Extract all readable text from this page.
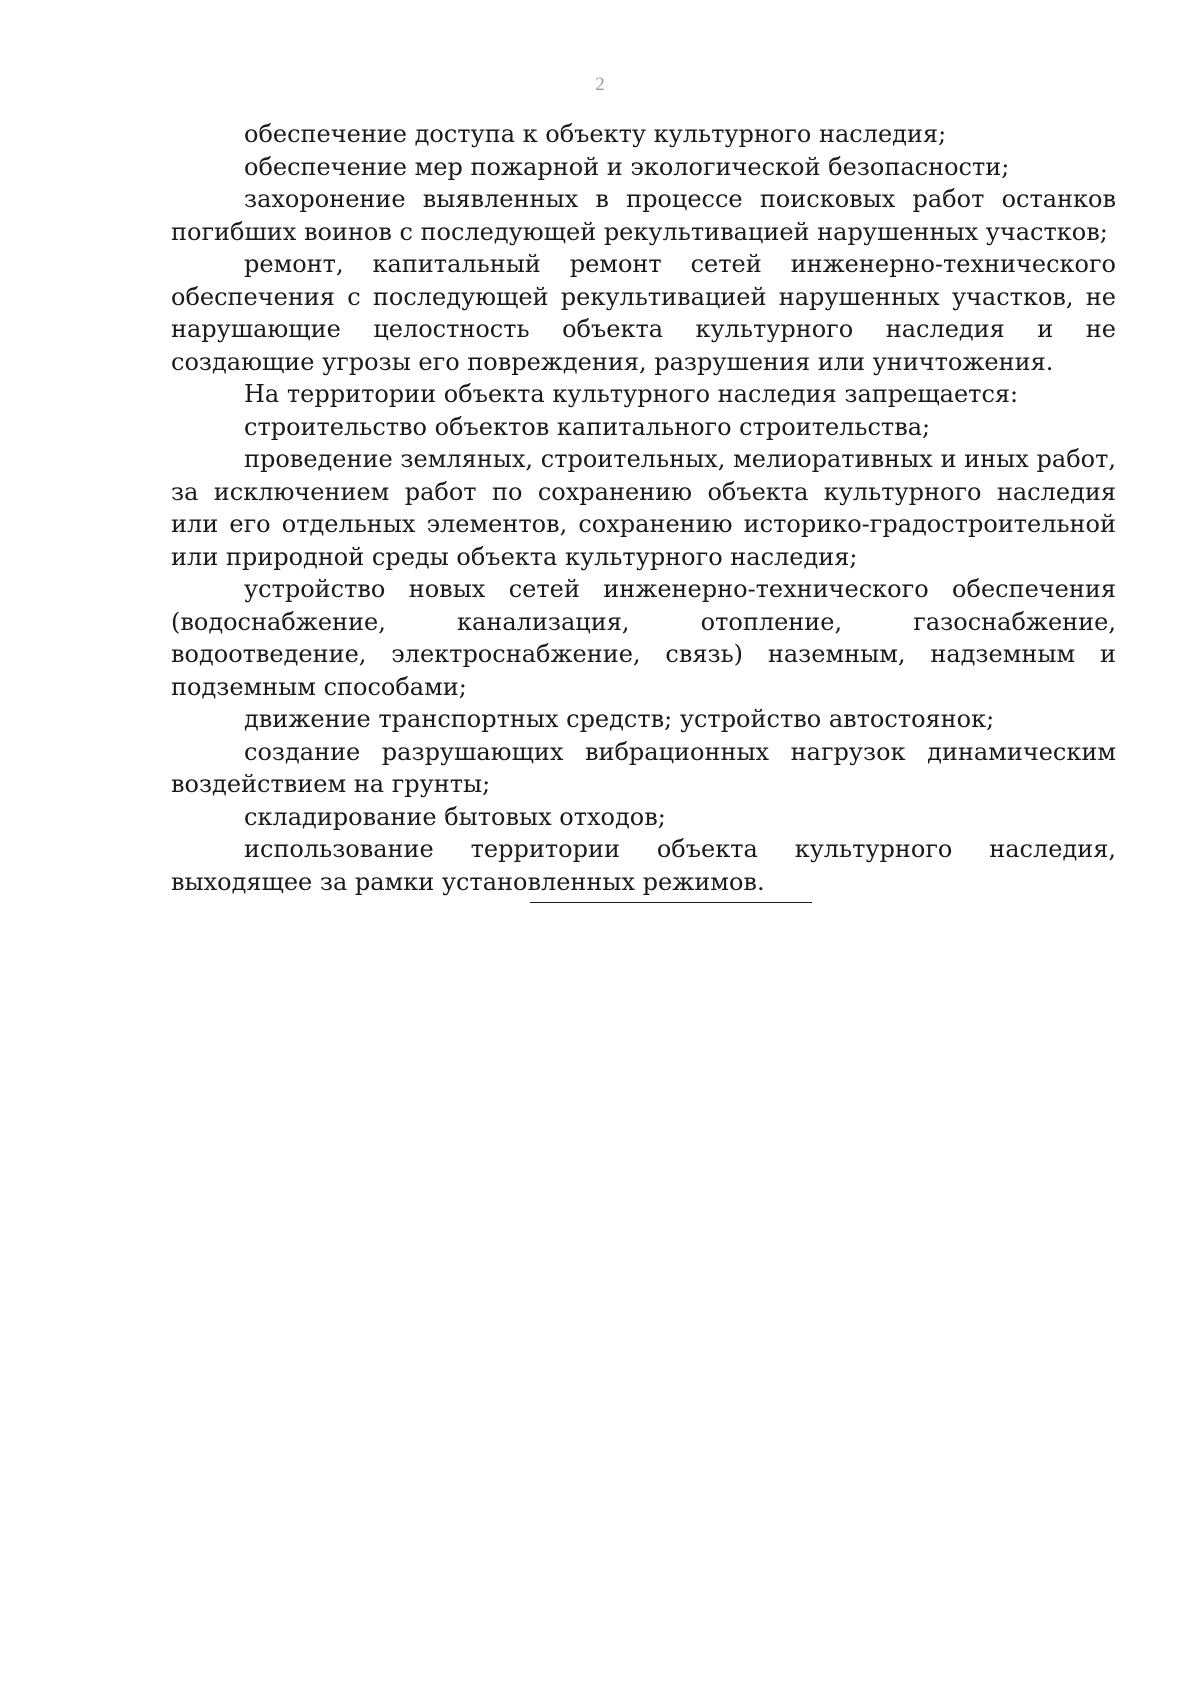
2

обеспечение доступа к объекту культурного наследия;

обеспечение мер пожарной и экологической безопасности;

захоронение выявленных в процессе поисковых работ останков погибших воинов с последующей рекультивацией нарушенных участков;

ремонт, капитальный ремонт сетей инженерно-технического обеспечения с последующей рекультивацией нарушенных участков, не нарушающие целостность объекта культурного наследия и не создающие угрозы его повреждения, разрушения или уничтожения.

На территории объекта культурного наследия запрещается:

строительство объектов капитального строительства;

проведение земляных, строительных, мелиоративных и иных работ, за исключением работ по сохранению объекта культурного наследия или его отдельных элементов, сохранению историко-градостроительной или природной среды объекта культурного наследия;

устройство новых сетей инженерно-технического обеспечения (водоснабжение, канализация, отопление, газоснабжение, водоотведение, электроснабжение, связь) наземным, надземным и подземным способами;

движение транспортных средств; устройство автостоянок;

создание разрушающих вибрационных нагрузок динамическим воздействием на грунты;

складирование бытовых отходов;

использование территории объекта культурного наследия, выходящее за рамки установленных режимов.
